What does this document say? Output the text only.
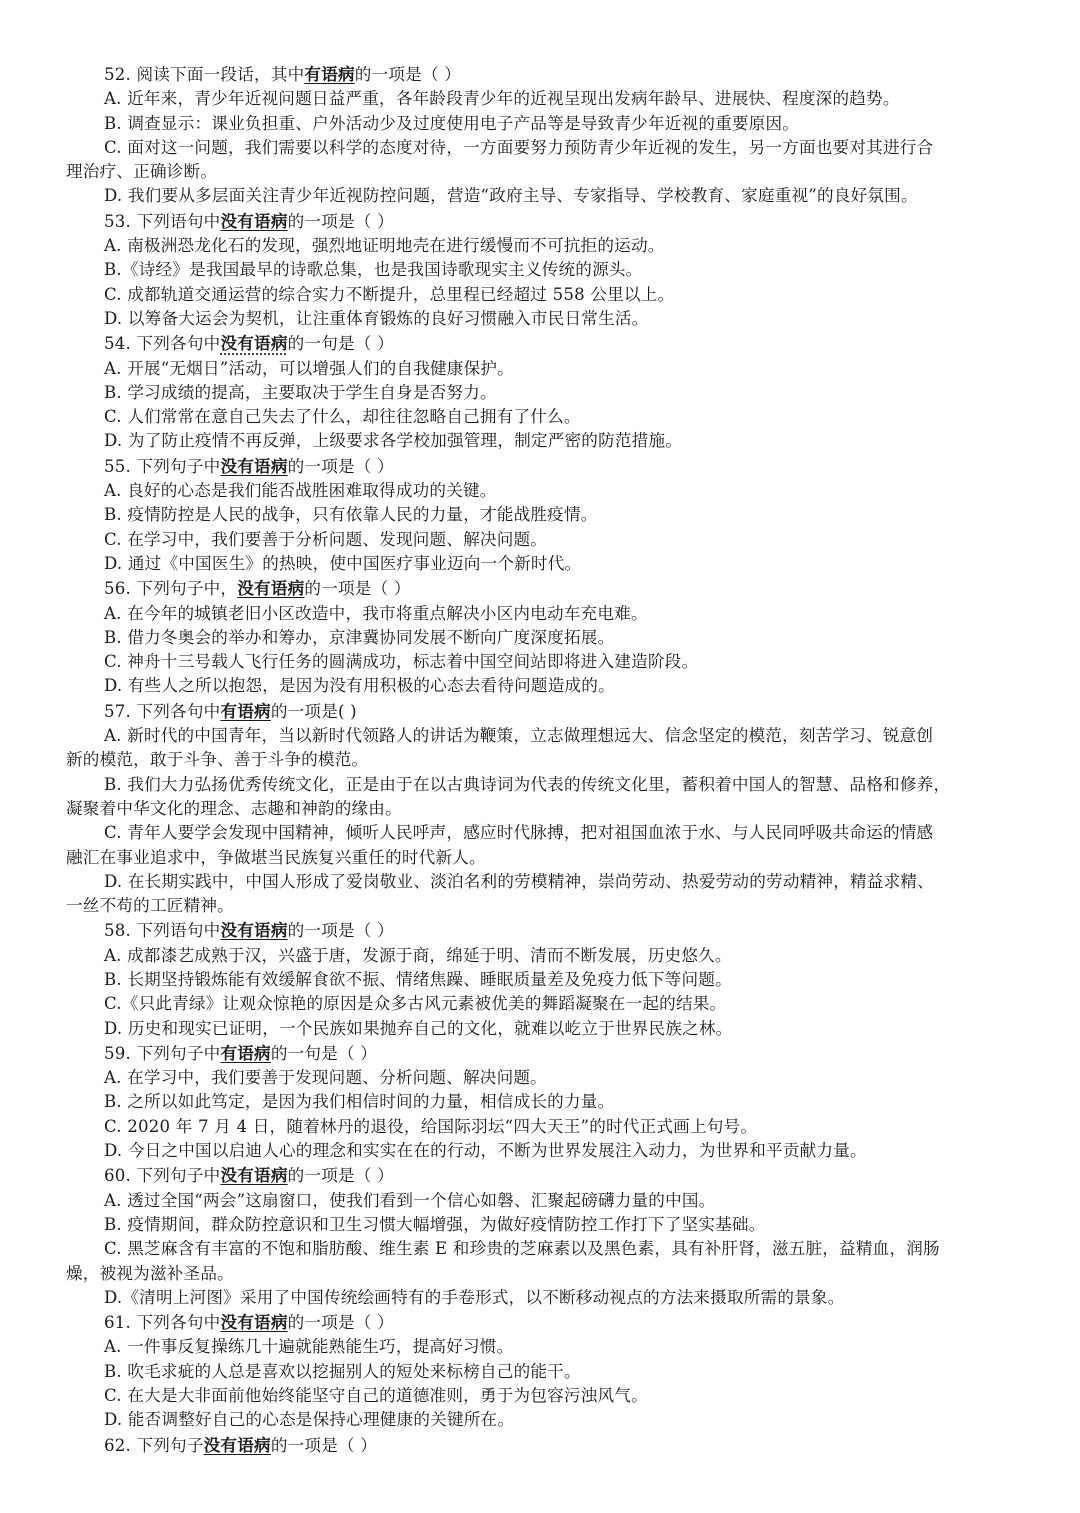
52. 阅读下面一段话，其中有语病的一项是（ ）
A. 近年来，青少年近视问题日益严重，各年龄段青少年的近视呈现出发病年龄早、进展快、程度深的趋势。
B. 调查显示：课业负担重、户外活动少及过度使用电子产品等是导致青少年近视的重要原因。
C. 面对这一问题，我们需要以科学的态度对待，一方面要努力预防青少年近视的发生，另一方面也要对其进行合
理治疗、正确诊断。
D. 我们要从多层面关注青少年近视防控问题，营造“政府主导、专家指导、学校教育、家庭重视”的良好氛围。
53. 下列语句中没有语病的一项是（ ）
A. 南极洲恐龙化石的发现，强烈地证明地壳在进行缓慢而不可抗拒的运动。
B.《诗经》是我国最早的诗歌总集，也是我国诗歌现实主义传统的源头。
C. 成都轨道交通运营的综合实力不断提升，总里程已经超过 558 公里以上。
D. 以筹备大运会为契机，让注重体育锻炼的良好习惯融入市民日常生活。
54. 下列各句中没有语病的一句是（ ）
A. 开展“无烟日”活动，可以增强人们的自我健康保护。
B. 学习成绩的提高，主要取决于学生自身是否努力。
C. 人们常常在意自己失去了什么，却往往忽略自己拥有了什么。
D. 为了防止疫情不再反弹，上级要求各学校加强管理，制定严密的防范措施。
55. 下列句子中没有语病的一项是（ ）
A. 良好的心态是我们能否战胜困难取得成功的关键。
B. 疫情防控是人民的战争，只有依靠人民的力量，才能战胜疫情。
C. 在学习中，我们要善于分析问题、发现问题、解决问题。
D. 通过《中国医生》的热映，使中国医疗事业迈向一个新时代。
56. 下列句子中，没有语病的一项是（ ）
A. 在今年的城镇老旧小区改造中，我市将重点解决小区内电动车充电难。
B. 借力冬奥会的举办和筹办，京津冀协同发展不断向广度深度拓展。
C. 神舟十三号载人飞行任务的圆满成功，标志着中国空间站即将进入建造阶段。
D. 有些人之所以抱怨，是因为没有用积极的心态去看待问题造成的。
57. 下列各句中有语病的一项是( )
A. 新时代的中国青年，当以新时代领路人的讲话为鞭策，立志做理想远大、信念坚定的模范，刻苦学习、锐意创
新的模范，敢于斗争、善于斗争的模范。
B. 我们大力弘扬优秀传统文化，正是由于在以古典诗词为代表的传统文化里，蓄积着中国人的智慧、品格和修养，
凝聚着中华文化的理念、志趣和神韵的缘由。
C. 青年人要学会发现中国精神，倾听人民呼声，感应时代脉搏，把对祖国血浓于水、与人民同呼吸共命运的情感
融汇在事业追求中，争做堪当民族复兴重任的时代新人。
D. 在长期实践中，中国人形成了爱岗敬业、淡泊名利的劳模精神，崇尚劳动、热爱劳动的劳动精神，精益求精、
一丝不苟的工匠精神。
58. 下列语句中没有语病的一项是（ ）
A. 成都漆艺成熟于汉，兴盛于唐，发源于商，绵延于明、清而不断发展，历史悠久。
B. 长期坚持锻炼能有效缓解食欲不振、情绪焦躁、睡眠质量差及免疫力低下等问题。
C.《只此青绿》让观众惊艳的原因是众多古风元素被优美的舞蹈凝聚在一起的结果。
D. 历史和现实已证明，一个民族如果抛弃自己的文化，就难以屹立于世界民族之林。
59. 下列句子中有语病的一句是（ ）
A. 在学习中，我们要善于发现问题、分析问题、解决问题。
B. 之所以如此笃定，是因为我们相信时间的力量，相信成长的力量。
C. 2020 年 7 月 4 日，随着林丹的退役，给国际羽坛“四大天王”的时代正式画上句号。
D. 今日之中国以启迪人心的理念和实实在在的行动，不断为世界发展注入动力，为世界和平贡献力量。
60. 下列句子中没有语病的一项是（ ）
A. 透过全国“两会”这扇窗口，使我们看到一个信心如磐、汇聚起磅礴力量的中国。
B. 疫情期间，群众防控意识和卫生习惯大幅增强，为做好疫情防控工作打下了坚实基础。
C. 黑芝麻含有丰富的不饱和脂肪酸、维生素 E 和珍贵的芝麻素以及黑色素，具有补肝肾，滋五脏，益精血，润肠
燥，被视为滋补圣品。
D.《清明上河图》采用了中国传统绘画特有的手卷形式，以不断移动视点的方法来摄取所需的景象。
61. 下列各句中没有语病的一项是（ ）
A. 一件事反复操练几十遍就能熟能生巧，提高好习惯。
B. 吹毛求疵的人总是喜欢以挖掘别人的短处来标榜自己的能干。
C. 在大是大非面前他始终能坚守自己的道德准则，勇于为包容污浊风气。
D. 能否调整好自己的心态是保持心理健康的关键所在。
62. 下列句子没有语病的一项是（ ）
